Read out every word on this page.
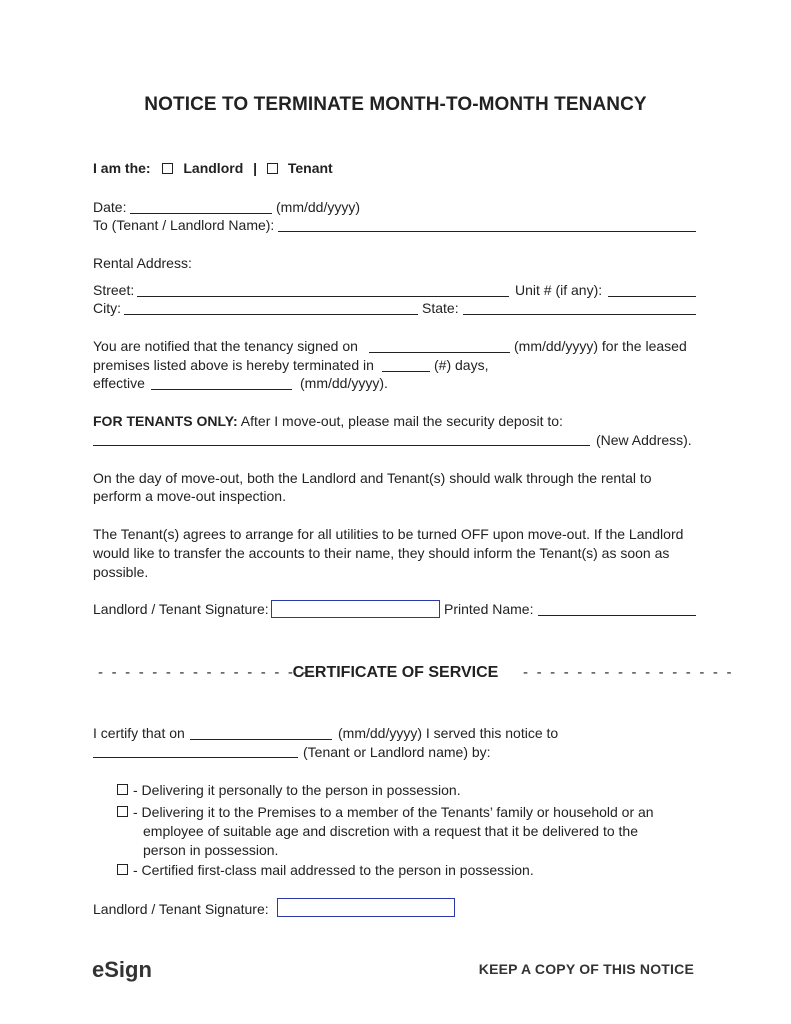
NOTICE TO TERMINATE MONTH-TO-MONTH TENANCY
I am the: Landlord | Tenant
Date:	(mm/dd/yyyy)
To (Tenant / Landlord Name):
Rental Address:
Street:	Unit # (if any):
City:	State:
You are notified that the tenancy signed on	(mm/dd/yyyy) for the leased
premises listed above is hereby terminated in	(#) days,
effective	(mm/dd/yyyy).
FOR TENANTS ONLY: After I move-out, please mail the security deposit to:
(New Address).
On the day of move-out, both the Landlord and Tenant(s) should walk through the rental to
perform a move-out inspection.
The Tenant(s) agrees to arrange for all utilities to be turned OFF upon move-out. If the Landlord
would like to transfer the accounts to their name, they should inform the Tenant(s) as soon as
possible.
Landlord / Tenant Signature:	Printed Name:
- - - - - - - - - - - - - - - -
CERTIFICATE OF SERVICE	- - - - - - - - - - - - - - - -
I certify that on	(mm/dd/yyyy) I served this notice to
(Tenant or Landlord name) by:
- Delivering it personally to the person in possession.
- Delivering it to the Premises to a member of the Tenants’ family or household or an
employee of suitable age and discretion with a request that it be delivered to the
person in possession.
- Certified first-class mail addressed to the person in possession.
Landlord / Tenant Signature:
eSign	KEEP A COPY OF THIS NOTICE
